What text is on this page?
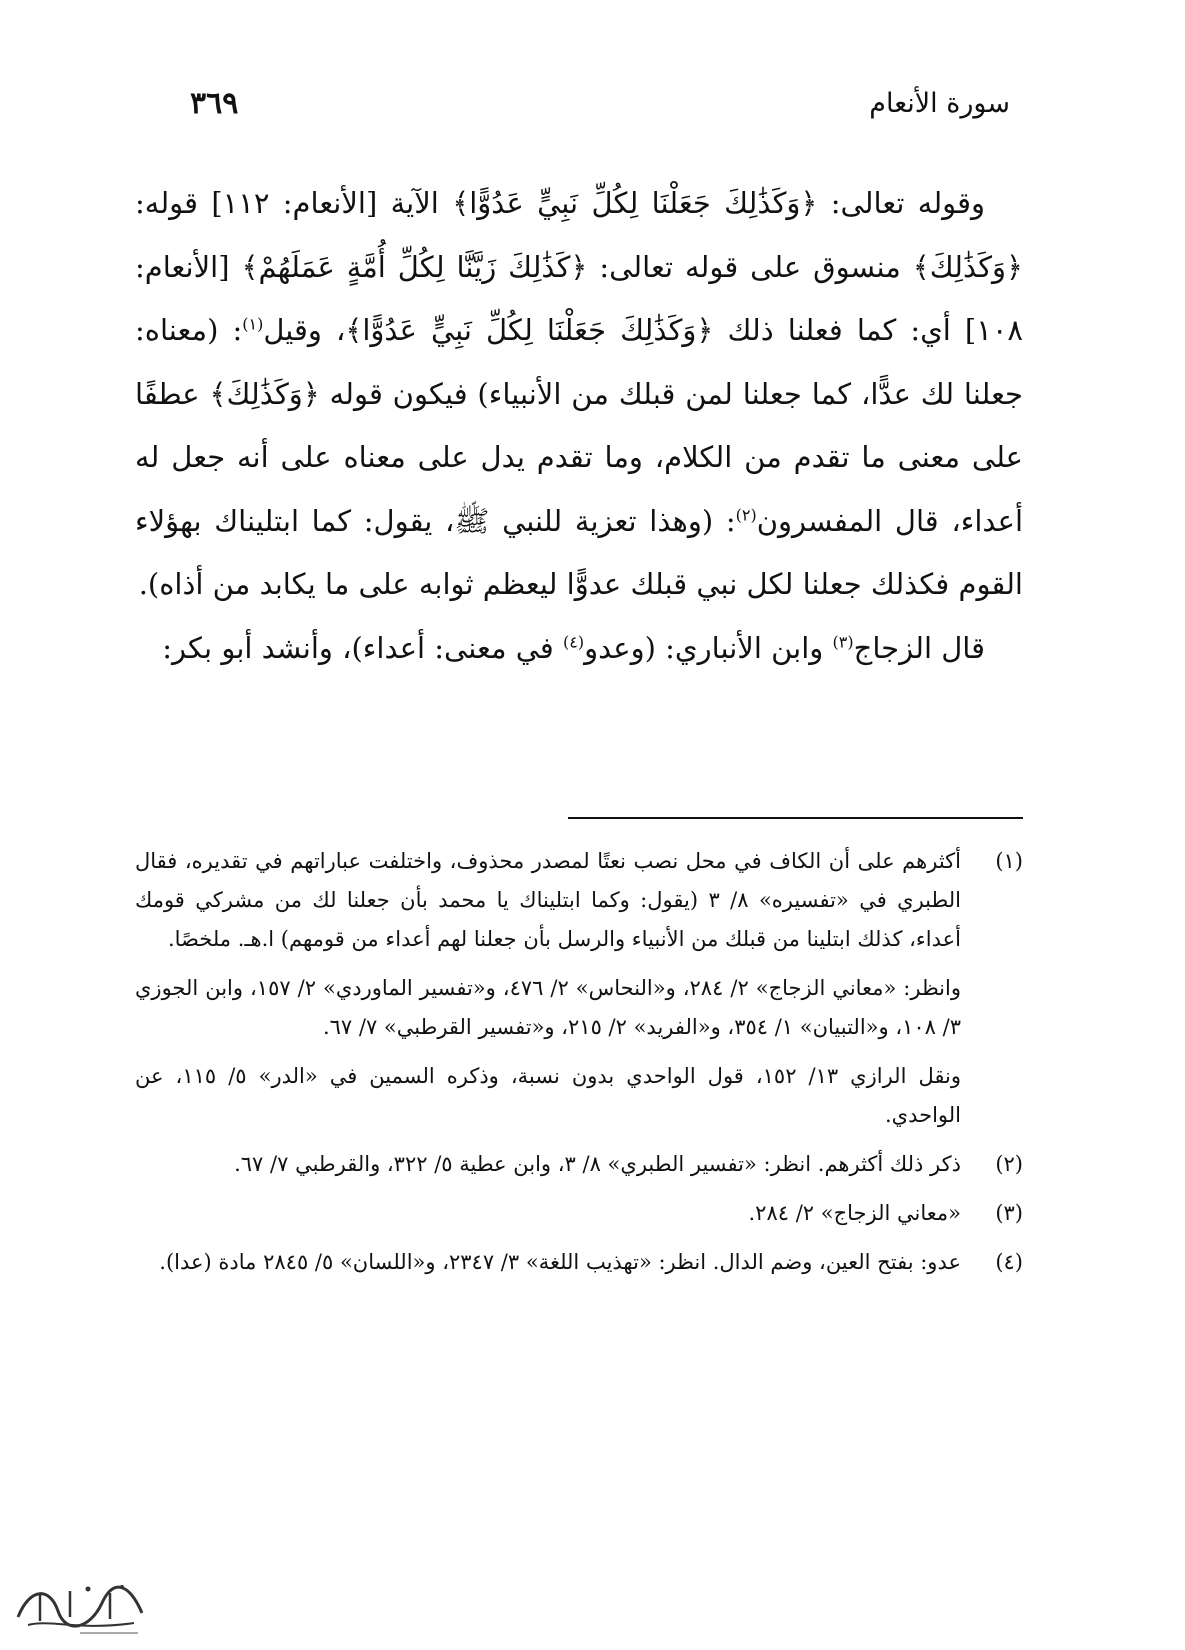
٣٦٩	سورة الأنعام

وقوله تعالى: ﴿وَكَذَٰلِكَ جَعَلْنَا لِكُلِّ نَبِيٍّ عَدُوًّا﴾ الآية [الأنعام: ١١٢] قوله: ﴿وَكَذَٰلِكَ﴾ منسوق على قوله تعالى: ﴿كَذَٰلِكَ زَيَّنَّا لِكُلِّ أُمَّةٍ عَمَلَهُمْ﴾ [الأنعام: ١٠٨] أي: كما فعلنا ذلك ﴿وَكَذَٰلِكَ جَعَلْنَا لِكُلِّ نَبِيٍّ عَدُوًّا﴾، وقيل$^{(١)}$: (معناه: جعلنا لك عدًّا، كما جعلنا لمن قبلك من الأنبياء) فيكون قوله ﴿وَكَذَٰلِكَ﴾ عطفًا على معنى ما تقدم من الكلام، وما تقدم يدل على معناه على أنه جعل له أعداء، قال المفسرون$^{(٢)}$: (وهذا تعزية للنبي ﷺ، يقول: كما ابتليناك بهؤلاء القوم فكذلك جعلنا لكل نبي قبلك عدوًّا ليعظم ثوابه على ما يكابد من أذاه).

قال الزجاج$^{(٣)}$ وابن الأنباري: (وعدو$^{(٤)}$ في معنى: أعداء)، وأنشد أبو بكر:

(١)

أكثرهم على أن الكاف في محل نصب نعتًا لمصدر محذوف، واختلفت عباراتهم في تقديره، فقال الطبري في «تفسيره» ٨/ ٣ (يقول: وكما ابتليناك يا محمد بأن جعلنا لك من مشركي قومك أعداء، كذلك ابتلينا من قبلك من الأنبياء والرسل بأن جعلنا لهم أعداء من قومهم) ا.هـ. ملخصًا.

وانظر: «معاني الزجاج» ٢/ ٢٨٤، و«النحاس» ٢/ ٤٧٦، و«تفسير الماوردي» ٢/ ١٥٧، وابن الجوزي ٣/ ١٠٨، و«التبيان» ١/ ٣٥٤، و«الفريد» ٢/ ٢١٥، و«تفسير القرطبي» ٧/ ٦٧.

ونقل الرازي ١٣/ ١٥٢، قول الواحدي بدون نسبة، وذكره السمين في «الدر» ٥/ ١١٥، عن الواحدي.

(٢)

ذكر ذلك أكثرهم. انظر: «تفسير الطبري» ٨/ ٣، وابن عطية ٥/ ٣٢٢، والقرطبي ٧/ ٦٧.

(٣)

«معاني الزجاج» ٢/ ٢٨٤.

(٤)

عدو: بفتح العين، وضم الدال. انظر: «تهذيب اللغة» ٣/ ٢٣٤٧، و«اللسان» ٥/ ٢٨٤٥ مادة (عدا).
